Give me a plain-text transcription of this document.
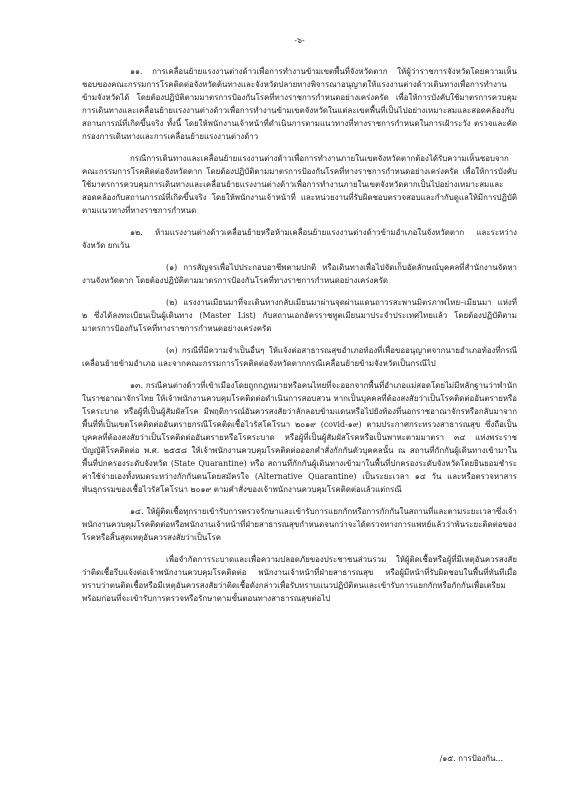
-๖-

๑๑. การเคลื่อนย้ายแรงงานต่างด้าวเพื่อการทำงานข้ามเขตพื้นที่จังหวัดตาก ให้ผู้ว่าราชการจังหวัดโดยความเห็นชอบของคณะกรรมการโรคติดต่อจังหวัดต้นทางและจังหวัดปลายทางพิจารณาอนุญาตให้แรงงานต่างด้าวเดินทางเพื่อการทำงานข้ามจังหวัดได้ โดยต้องปฏิบัติตามมาตรการป้องกันโรคที่ทางราชการกำหนดอย่างเคร่งครัด เพื่อให้การบังคับใช้มาตรการควบคุมการเดินทางและเคลื่อนย้ายแรงงานต่างด้าวเพื่อการทำงานข้ามเขตจังหวัดในแต่ละเขตพื้นที่เป็นไปอย่างเหมาะสมและสอดคล้องกับสถานการณ์ที่เกิดขึ้นจริง ทั้งนี้ โดยให้พนักงานเจ้าหน้าที่ดำเนินการตามแนวทางที่ทางราชการกำหนดในการเฝ้าระวัง ตรวจและคัดกรองการเดินทางและการเคลื่อนย้ายแรงงานต่างด้าว

กรณีการเดินทางและเคลื่อนย้ายแรงงานต่างด้าวเพื่อการทำงานภายในเขตจังหวัดตากต้องได้รับความเห็นชอบจากคณะกรรมการโรคติดต่อจังหวัดตาก โดยต้องปฏิบัติตามมาตรการป้องกันโรคที่ทางราชการกำหนดอย่างเคร่งครัด เพื่อให้การบังคับใช้มาตรการควบคุมการเดินทางและเคลื่อนย้ายแรงงานต่างด้าวเพื่อการทำงานภายในเขตจังหวัดตากเป็นไปอย่างเหมาะสมและสอดคล้องกับสถานการณ์ที่เกิดขึ้นจริง โดยให้พนักงานเจ้าหน้าที่ และหน่วยงานที่รับผิดชอบตรวจสอบและกำกับดูแลให้มีการปฏิบัติตามแนวทางที่ทางราชการกำหนด

๑๒. ห้ามแรงงานต่างด้าวเคลื่อนย้ายหรือห้ามเคลื่อนย้ายแรงงานต่างด้าวข้ามอำเภอในจังหวัดตาก และระหว่างจังหวัด ยกเว้น

(๑) การสัญจรเพื่อไปประกอบอาชีพตามปกติ หรือเดินทางเพื่อไปจัดเก็บอัตลักษณ์บุคคลที่สำนักงานจัดหางานจังหวัดตาก โดยต้องปฏิบัติตามมาตรการป้องกันโรคที่ทางราชการกำหนดอย่างเคร่งครัด

(๒) แรงงานเมียนมาที่จะเดินทางกลับเมียนมาผ่านจุดผ่านแดนถาวรสะพานมิตรภาพไทย–เมียนมา แห่งที่ ๒ ซึ่งได้ลงทะเบียนเป็นผู้เดินทาง (Master List) กับสถานเอกอัครราชทูตเมียนมาประจำประเทศไทยแล้ว โดยต้องปฏิบัติตามมาตรการป้องกันโรคที่ทางราชการกำหนดอย่างเคร่งครัด

(๓) กรณีที่มีความจำเป็นอื่นๆ ให้แจ้งต่อสาธารณสุขอำเภอท้องที่เพื่อขออนุญาตจากนายอำเภอท้องที่กรณีเคลื่อนย้ายข้ามอำเภอ และจากคณะกรรมการโรคติดต่อจังหวัดตากกรณีเคลื่อนย้ายข้ามจังหวัดเป็นกรณีไป

๑๓. กรณีคนต่างด้าวที่เข้าเมืองโดยถูกกฎหมายหรือคนไทยที่จะออกจากพื้นที่อำเภอแม่สอดโดยไม่มีหลักฐานว่าพำนักในราชอาณาจักรไทย ให้เจ้าพนักงานควบคุมโรคติดต่อดำเนินการสอบสวน หากเป็นบุคคลที่ต้องสงสัยว่าเป็นโรคติดต่ออันตรายหรือโรคระบาด หรือผู้ที่เป็นผู้สัมผัสโรค มีพฤติการณ์อันควรสงสัยว่าลักลอบข้ามแดนหรือไปยังท้องที่นอกราชอาณาจักรหรือกลับมาจากพื้นที่ที่เป็นเขตโรคติดต่ออันตรายกรณีโรคติดเชื้อไวรัสโคโรนา ๒๐๑๙ (covid-๑๙) ตามประกาศกระทรวงสาธารณสุข ซึ่งถือเป็นบุคคลที่ต้องสงสัยว่าเป็นโรคติดต่ออันตรายหรือโรคระบาด หรือผู้ที่เป็นผู้สัมผัสโรคหรือเป็นพาหะตามมาตรา ๓๔ แห่งพระราชบัญญัติโรคติดต่อ พ.ศ. ๒๕๕๘ ให้เจ้าพนักงานควบคุมโรคติดต่อออกคำสั่งกักกันตัวบุคคลนั้น ณ สถานที่กักกันผู้เดินทางเข้ามาในพื้นที่ปกครองระดับจังหวัด (State Quarantine) หรือ สถานที่กักกันผู้เดินทางเข้ามาในพื้นที่ปกครองระดับจังหวัดโดยยินยอมชำระค่าใช้จ่ายเองทั้งหมดระหว่างกักกันตนโดยสมัครใจ (Alternative Quarantine) เป็นระยะเวลา ๑๔ วัน และหรือตรวจหาสารพันธุกรรมของเชื้อไวรัสโคโรนา ๒๐๑๙ ตามคำสั่งของเจ้าพนักงานควบคุมโรคติดต่อแล้วแต่กรณี

๑๔. ให้ผู้ติดเชื้อทุกรายเข้ารับการตรวจรักษาและเข้ารับการแยกกักหรือการกักกันในสถานที่และตามระยะเวลาซึ่งเจ้าพนักงานควบคุมโรคติดต่อหรือพนักงานเจ้าหน้าที่ฝ่ายสาธารณสุขกำหนดจนกว่าจะได้ตรวจทางการแพทย์แล้วว่าพ้นระยะติดต่อของโรคหรือสิ้นสุดเหตุอันควรสงสัยว่าเป็นโรค

เพื่อจำกัดการระบาดและเพื่อความปลอดภัยของประชาชนส่วนรวม ให้ผู้ติดเชื้อหรือผู้ที่มีเหตุอันควรสงสัยว่าติดเชื้อรีบแจ้งต่อเจ้าพนักงานควบคุมโรคติดต่อ พนักงานเจ้าหน้าที่ฝ่ายสาธารณสุข หรือผู้มีหน้าที่รับผิดชอบในพื้นที่ทันทีเมื่อทราบว่าตนติดเชื้อหรือมีเหตุอันควรสงสัยว่าติดเชื้อดังกล่าวเพื่อรับทราบแนวปฏิบัติตนและเข้ารับการแยกกักหรือกักกันเพื่อเตรียมพร้อมก่อนที่จะเข้ารับการตรวจหรือรักษาตามขั้นตอนทางสาธารณสุขต่อไป

/๑๕. การป้องกัน...
